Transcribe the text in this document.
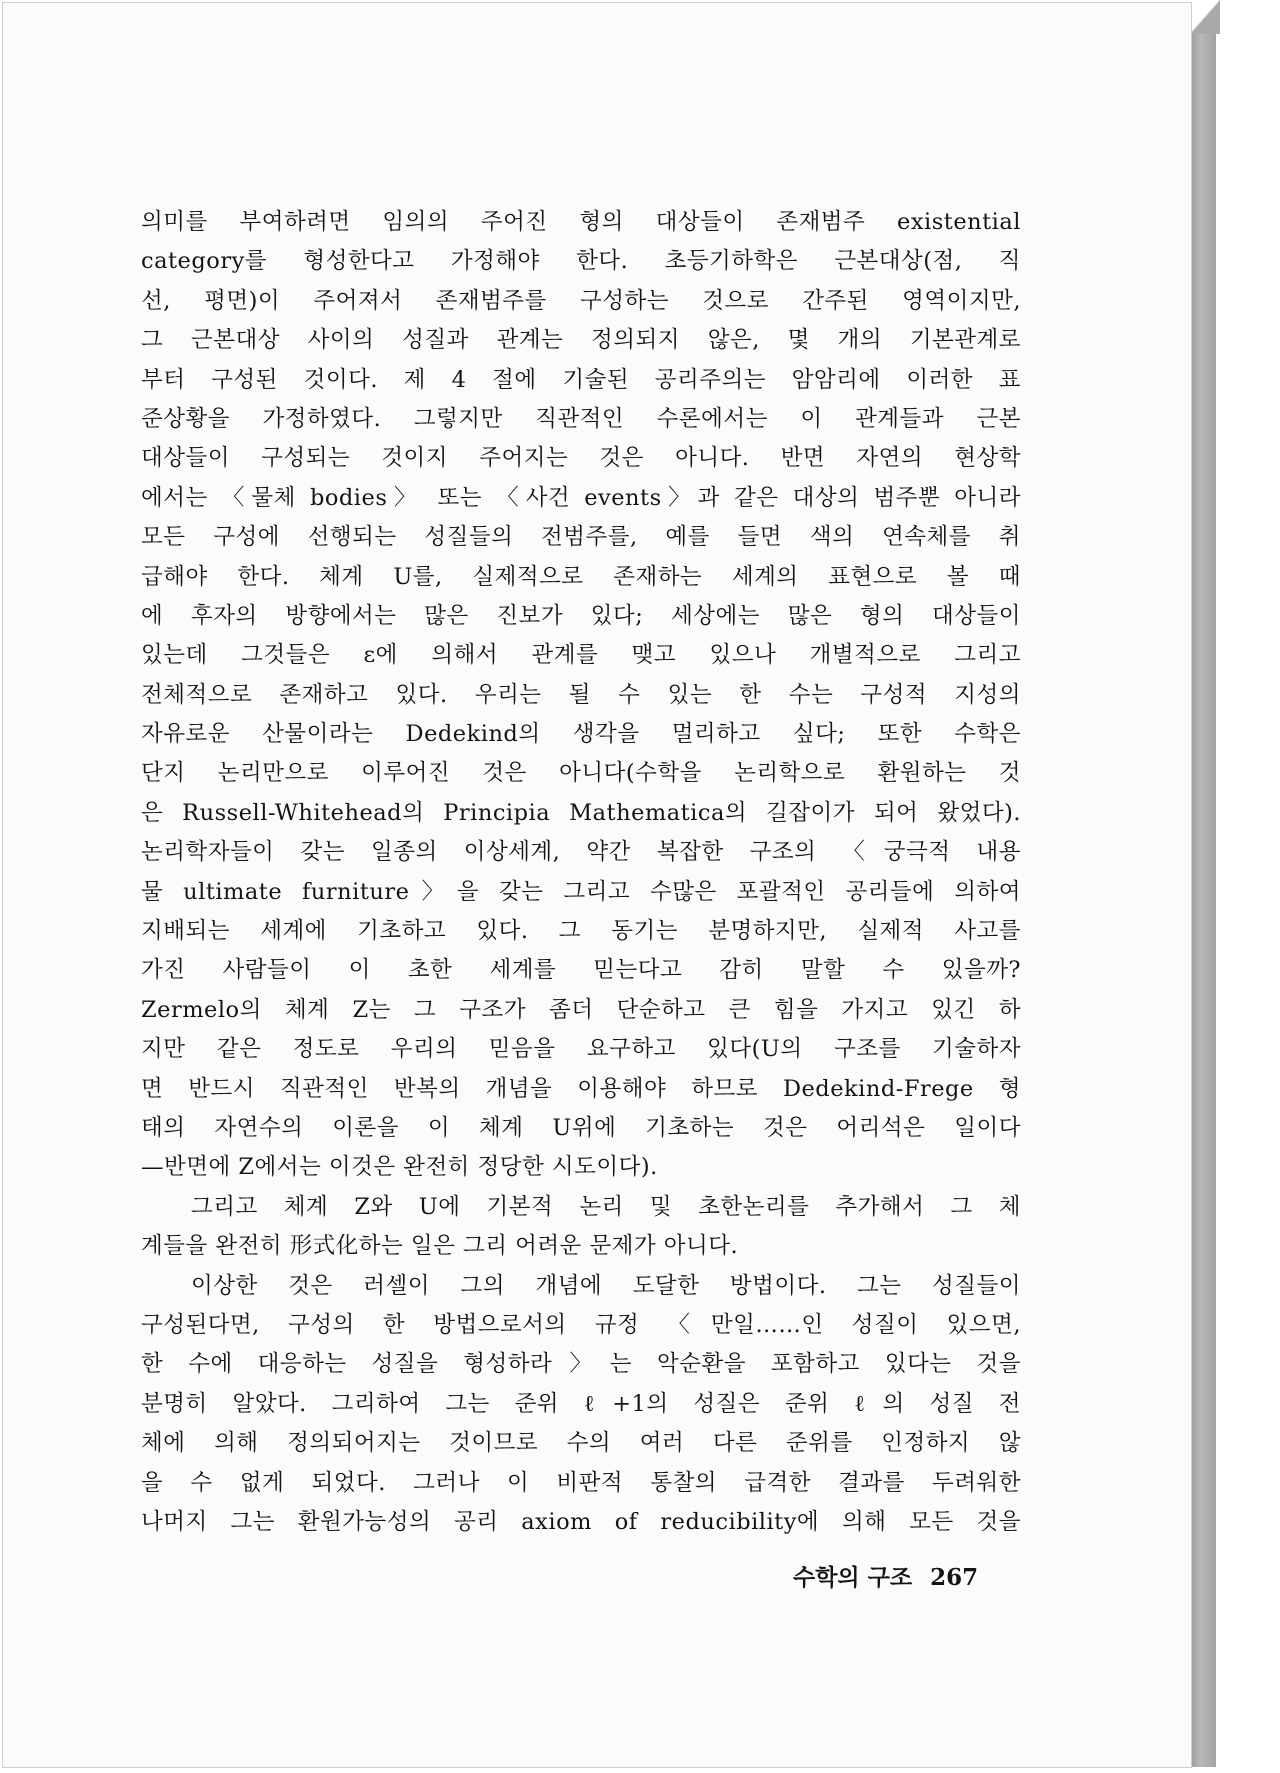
의미를 부여하려면 임의의 주어진 형의 대상들이 존재범주 existential
category를 형성한다고 가정해야 한다. 초등기하학은 근본대상(점, 직
선, 평면)이 주어져서 존재범주를 구성하는 것으로 간주된 영역이지만,
그 근본대상 사이의 성질과 관계는 정의되지 않은, 몇 개의 기본관계로
부터 구성된 것이다. 제 4 절에 기술된 공리주의는 암암리에 이러한 표
준상황을 가정하였다. 그렇지만 직관적인 수론에서는 이 관계들과 근본
대상들이 구성되는 것이지 주어지는 것은 아니다. 반면 자연의 현상학
에서는 〈물체 bodies〉 또는 〈사건 events〉과 같은 대상의 범주뿐 아니라
모든 구성에 선행되는 성질들의 전범주를, 예를 들면 색의 연속체를 취
급해야 한다. 체계 U를, 실제적으로 존재하는 세계의 표현으로 볼 때
에 후자의 방향에서는 많은 진보가 있다; 세상에는 많은 형의 대상들이
있는데 그것들은 ε에 의해서 관계를 맺고 있으나 개별적으로 그리고
전체적으로 존재하고 있다. 우리는 될 수 있는 한 수는 구성적 지성의
자유로운 산물이라는 Dedekind의 생각을 멀리하고 싶다; 또한 수학은
단지 논리만으로 이루어진 것은 아니다(수학을 논리학으로 환원하는 것
은 Russell-Whitehead의 Principia Mathematica의 길잡이가 되어 왔었다).
논리학자들이 갖는 일종의 이상세계, 약간 복잡한 구조의 〈궁극적 내용
물 ultimate furniture〉을 갖는 그리고 수많은 포괄적인 공리들에 의하여
지배되는 세계에 기초하고 있다. 그 동기는 분명하지만, 실제적 사고를
가진 사람들이 이 초한 세계를 믿는다고 감히 말할 수 있을까?
Zermelo의 체계 Z는 그 구조가 좀더 단순하고 큰 힘을 가지고 있긴 하
지만 같은 정도로 우리의 믿음을 요구하고 있다(U의 구조를 기술하자
면 반드시 직관적인 반복의 개념을 이용해야 하므로 Dedekind-Frege 형
태의 자연수의 이론을 이 체계 U위에 기초하는 것은 어리석은 일이다
—반면에 Z에서는 이것은 완전히 정당한 시도이다).
그리고 체계 Z와 U에 기본적 논리 및 초한논리를 추가해서 그 체
계들을 완전히 形式化하는 일은 그리 어려운 문제가 아니다.
이상한 것은 러셀이 그의 개념에 도달한 방법이다. 그는 성질들이
구성된다면, 구성의 한 방법으로서의 규정 〈만일……인 성질이 있으면,
한 수에 대응하는 성질을 형성하라〉는 악순환을 포함하고 있다는 것을
분명히 알았다. 그리하여 그는 준위 ℓ+1의 성질은 준위 ℓ의 성질 전
체에 의해 정의되어지는 것이므로 수의 여러 다른 준위를 인정하지 않
을 수 없게 되었다. 그러나 이 비판적 통찰의 급격한 결과를 두려워한
나머지 그는 환원가능성의 공리 axiom of reducibility에 의해 모든 것을
수학의 구조 267
